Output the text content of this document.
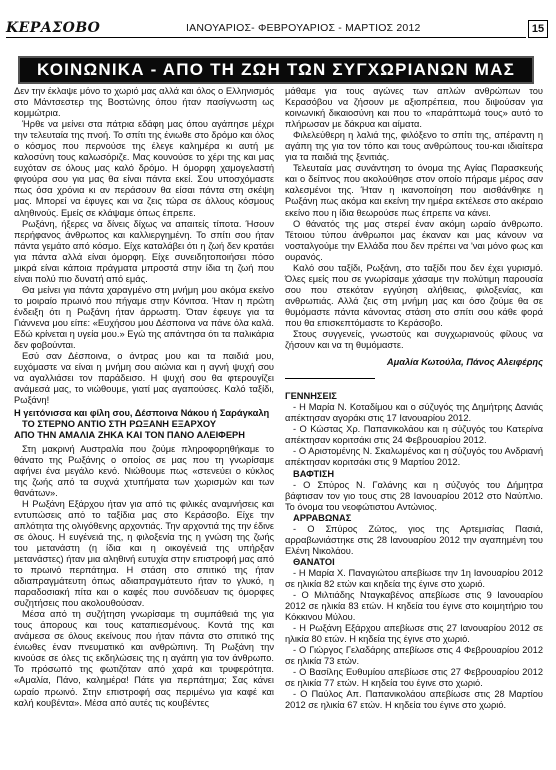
ΚΕΡΑΣΟΒΟ	ΙΑΝΟΥΑΡΙΟΣ- ΦΕΒΡΟΥΑΡΙΟΣ - ΜΑΡΤΙΟΣ 2012	15
ΚΟΙΝΩΝΙΚΑ - ΑΠΟ ΤΗ ΖΩΗ ΤΩΝ ΣΥΓΧΩΡΙΑΝΩΝ ΜΑΣ

Δεν την έκλαψε μόνο το χωριό μας αλλά και όλος ο Ελληνισμός στο Μάντσεστερ της Βοστώνης όπου ήταν πασίγνωστη ως κομμώτρια.

Ήρθε να μείνει στα πάτρια εδάφη μας όπου αγάπησε μέχρι την τελευταία της πνοή. Το σπίτι της ένιωθε στο δρόμο και όλος ο κόσμος που περνούσε της έλεγε καλημέρα κι αυτή με καλοσύνη τους καλωσόριζε. Μας κουνούσε το χέρι της και μας ευχόταν σε όλους μας καλό δρόμο. Η όμορφη χαμογελαστή φιγούρα σου για μας θα είναι πάντα εκεί. Σου υποσχόμαστε πως όσα χρόνια κι αν περάσουν θα είσαι πάντα στη σκέψη μας. Μπορεί να έφυγες και να ζεις τώρα σε άλλους κόσμους αληθινούς. Εμείς σε κλάψαμε όπως έπρεπε.

Ρωξάνη, ήξερες να δίνεις δίχως να απαιτείς τίποτα. Ήσουν περήφανος άνθρωπος και καλλιεργημένη. Το σπίτι σου ήταν πάντα γεμάτο από κόσμο. Είχε καταλάβει ότι η ζωή δεν κρατάει για πάντα αλλά είναι όμορφη. Είχε συνειδητοποιήσει πόσο μικρά είναι κάποια πράγματα μπροστά στην ίδια τη ζωή που είναι πολύ πιο δυνατή από εμάς.

Θα μείνει για πάντα χαραγμένο στη μνήμη μου ακόμα εκείνο το μοιραίο πρωινό που πήγαμε στην Κόνιτσα. Ήταν η πρώτη ένδειξη ότι η Ρωξάνη ήταν άρρωστη. Όταν έφευγε για τα Γιάννενα μου είπε: «Ευχήσου μου Δέσποινα να πάνε όλα καλά. Εδώ κρίνεται η υγεία μου.» Εγώ της απάντησα ότι τα παλικάρια δεν φοβούνται.

Εσύ σαν Δέσποινα, ο άντρας μου και τα παιδιά μου, ευχόμαστε να είναι η μνήμη σου αιώνια και η αγνή ψυχή σου να αγαλλιάσει τον παράδεισο. Η ψυχή σου θα φτερουγίζει ανάμεσά μας, το νιώθουμε, γιατί μας αγαπούσες. Καλό ταξίδι, Ρωξάνη!

Η γειτόνισσα και φίλη σου, Δέσποινα Νάκου ή Σαράγκαλη

ΤΟ ΣΤΕΡΝΟ ΑΝΤΙΟ ΣΤΗ ΡΩΞΑΝΗ ΕΞΑΡΧΟΥ

ΑΠΟ ΤΗΝ ΑΜΑΛΙΑ ΖΗΚΑ ΚΑΙ ΤΟΝ ΠΑΝΟ ΑΛΕΙΦΕΡΗ

Στη μακρινή Αυστραλία που ζούμε πληροφορηθήκαμε το θάνατο της Ρωξάνης ο οποίος σε μας που τη γνωρίσαμε αφήνει ένα μεγάλο κενό. Νιώθουμε πως «στενεύει ο κύκλος της ζωής από τα συχνά χτυπήματα των χωρισμών και των θανάτων».

Η Ρωξάνη Εξάρχου ήταν για από τις φιλικές αναμνήσεις και εντυπώσεις από το ταξίδια μας στο Κεράσοβο. Είχε την απλότητα της ολιγόθενης αρχοντιάς. Την αρχοντιά της την έδινε σε όλους. Η ευγένειά της, η φιλοξενία της η γνώση της ζωής του μετανάστη (η ίδια και η οικογένειά της υπήρξαν μετανάστες) ήταν μια αληθινή ευτυχία στην επιστροφή μας από το πρωινό περπάτημα. Η στάση στο σπιτικό της ήταν αδιαπραγμάτευτη όπως αδιαπραγμάτευτο ήταν το γλυκό, η παραδοσιακή πίτα και ο καφές που συνόδευαν τις όμορφες συζητήσεις που ακολουθούσαν.

Μέσα από τη συζήτηση γνωρίσαμε τη συμπάθειά της για τους άπορους και τους καταπιεσμένους. Κοντά της και ανάμεσα σε όλους εκείνους που ήταν πάντα στο σπιτικό της ένιωθες έναν πνευματικό και ανθρώπινη. Τη Ρωξάνη την κινούσε σε όλες τις εκδηλώσεις της η αγάπη για τον άνθρωπο. Το πρόσωπό της φωτιζόταν από χαρά και τρυφερότητα. «Αμαλία, Πάνο, καλημέρα! Πάτε για περπάτημα; Σας κάνει ωραίο πρωινό. Στην επιστροφή σας περιμένω για καφέ και καλή κουβέντα». Μέσα από αυτές τις κουβέντες

μάθαμε για τους αγώνες των απλών ανθρώπων του Κερασόβου να ζήσουν με αξιοπρέπεια, που διψούσαν για κοινωνική δικαιοσύνη και που το «παράπτωμά τους» αυτό το πλήρωσαν με δάκρυα και αίματα.

Φιλελεύθερη η λαλιά της, φιλόξενο το σπίτι της, απέραντη η αγάπη της για τον τόπο και τους ανθρώπους του-και ιδιαίτερα για τα παιδιά της ξενιτιάς.

Τελευταία μας συνάντηση το όνομα της Αγίας Παρασκευής και ο δείπνος που ακολούθησε στον οποίο πήραμε μέρος σαν καλεσμένοι της. Ήταν η ικανοποίηση που αισθάνθηκε η Ρωξάνη πως ακόμα και εκείνη την ημέρα εκτέλεσε στο ακέραιο εκείνο που η ίδια θεωρούσε πως έπρεπε να κάνει.

Ο θάνατός της μας στερεί έναν ακόμη ωραίο άνθρωπο. Τέτοιου τύπου άνθρωποι μας έκαναν και μας κάνουν να νοσταλγούμε την Ελλάδα που δεν πρέπει να 'ναι μόνο φως και ουρανός.

Καλό σου ταξίδι, Ρωξάνη, στο ταξίδι που δεν έχει γυρισμό. Όλες εμείς που σε γνωρίσαμε χάσαμε την πολύτιμη παρουσία σου που στεκόταν εγγύηση αλήθειας, φιλοξενίας, και ανθρωπιάς. Αλλά ζεις στη μνήμη μας και όσο ζούμε θα σε θυμόμαστε πάντα κάνοντας στάση στο σπίτι σου κάθε φορά που θα επισκεπτόμαστε το Κεράσοβο.

Στους συγγενείς, γνωστούς και συγχωριανούς φίλους να ζήσουν και να τη θυμόμαστε.

Αμαλία Κωτούλα, Πάνος Αλειφέρης

ΓΕΝΝΗΣΕΙΣ

- Η Μαρία Ν. Κοταδίμου και ο σύζυγός της Δημήτρης Δανιάς απέκτησαν αγοράκι στις 17 Ιανουαρίου 2012.

- Ο Κώστας Χρ. Παπανικολάου και η σύζυγός του Κατερίνα απέκτησαν κοριτσάκι στις 24 Φεβρουαρίου 2012.

- Ο Αριστομένης Ν. Σκαλωμένος και η σύζυγός του Ανδριανή απέκτησαν κοριτσάκι στις 9 Μαρτίου 2012.

ΒΑΦΤΙΣΗ

- Ο Σπύρος Ν. Γαλάνης και η σύζυγός του Δήμητρα βάφτισαν τον γιο τους στις 28 Ιανουαρίου 2012 στο Ναύπλιο. Το όνομα του νεοφώτιστου Αντώνιος.

ΑΡΡΑΒΩΝΑΣ

- Ο Σπύρος Ζώτος, γιος της Αρτεμισίας Πασιά, αρραβωνιάστηκε στις 28 Ιανουαρίου 2012 την αγαπημένη του Ελένη Νικολάου.

ΘΑΝΑΤΟΙ

- Η Μαρία Χ. Παναγιώτου απεβίωσε την 1η Ιανουαρίου 2012 σε ηλικία 82 ετών και κηδεία της έγινε στο χωριό.

- Ο Μιλτιάδης Νταγκαβένος απεβίωσε στις 9 Ιανουαρίου 2012 σε ηλικία 83 ετών. Η κηδεία του έγινε στο κοιμητήριο του Κόκκινου Μύλου.

- Η Ρωξάνη Εξάρχου απεβίωσε στις 27 Ιανουαρίου 2012 σε ηλικία 80 ετών. Η κηδεία της έγινε στο χωριό.

- Ο Γιώργος Γελαδάρης απεβίωσε στις 4 Φεβρουαρίου 2012 σε ηλικία 73 ετών.

- Ο Βασίλης Ευθυμίου απεβίωσε στις 27 Φεβρουαρίου 2012 σε ηλικία 77 ετών. Η κηδεία του έγινε στο χωριό.

- Ο Παύλος Απ. Παπανικολάου απεβίωσε στις 28 Μαρτίου 2012 σε ηλικία 67 ετών. Η κηδεία του έγινε στο χωριό.
